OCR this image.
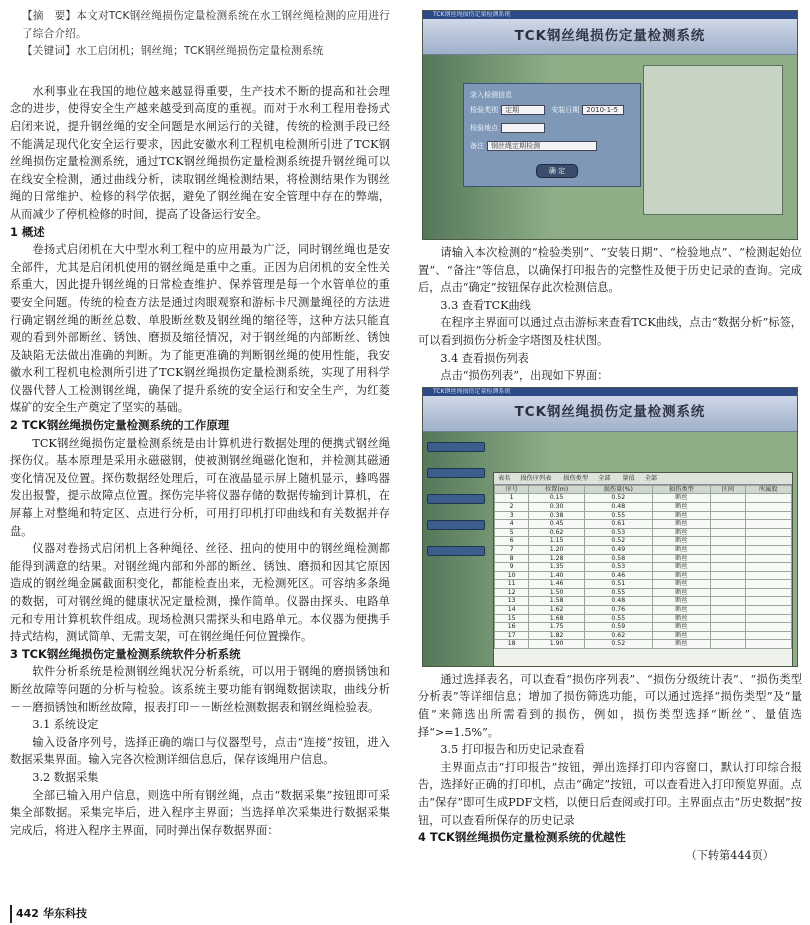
【摘　要】本文对TCK钢丝绳损伤定量检测系统在水工钢丝绳检测的应用进行了综合介绍。

【关键词】水工启闭机；钢丝绳；TCK钢丝绳损伤定量检测系统

水利事业在我国的地位越来越显得重要，生产技术不断的提高和社会理念的进步，使得安全生产越来越受到高度的重视。而对于水利工程用卷扬式启闭来说，提升钢丝绳的安全问题是水闸运行的关键，传统的检测手段已经不能满足现代化安全运行要求，因此安徽水利工程机电检测所引进了TCK钢丝绳损伤定量检测系统，通过TCK钢丝绳损伤定量检测系统提升钢丝绳可以在线安全检测，通过曲线分析，读取钢丝绳检测结果，将检测结果作为钢丝绳的日常维护、检修的科学依据，避免了钢丝绳在安全管理中存在的弊端，从而减少了停机检修的时间，提高了设备运行安全。

1 概述

卷扬式启闭机在大中型水利工程中的应用最为广泛，同时钢丝绳也是安全部件，尤其是启闭机使用的钢丝绳是重中之重。正因为启闭机的安全性关系重大，因此提升钢丝绳的日常检查维护、保养管理是每一个水管单位的重要安全问题。传统的检查方法是通过肉眼观察和游标卡尺测量绳径的方法进行确定钢丝绳的断丝总数、单股断丝数及钢丝绳的缩径等，这种方法只能直观的看到外部断丝、锈蚀、磨损及缩径情况，对于钢丝绳的内部断丝、锈蚀及缺陷无法做出准确的判断。为了能更准确的判断钢丝绳的使用性能，我安徽水利工程机电检测所引进了TCK钢丝绳损伤定量检测系统，实现了用科学仪器代替人工检测钢丝绳，确保了提升系统的安全运行和安全生产，为红菱煤矿的安全生产奠定了坚实的基础。

2 TCK钢丝绳损伤定量检测系统的工作原理

TCK钢丝绳损伤定量检测系统是由计算机进行数据处理的便携式钢丝绳探伤仪。基本原理是采用永磁磁钢，使被测钢丝绳磁化饱和，并检测其磁通变化情况及位置。探伤数据经处理后，可在液晶显示屏上随机显示，蜂鸣器发出报警，提示故障点位置。探伤完毕将仪器存储的数据传输到计算机，在屏幕上对整绳和特定区、点进行分析，可用打印机打印曲线和有关数据并存盘。

仪器对卷扬式启闭机上各种绳径、丝径、扭向的使用中的钢丝绳检测都能得到满意的结果。对钢丝绳内部和外部的断丝、锈蚀、磨损和因其它原因造成的钢丝绳金属截面积变化，都能检查出来，无检测死区。可容纳多条绳的数据，可对钢丝绳的健康状况定量检测，操作简单。仪器由探头、电路单元和专用计算机软件组成。现场检测只需探头和电路单元。本仪器为便携手持式结构，测试简单、无需支架，可在钢丝绳任何位置操作。

3 TCK钢丝绳损伤定量检测系统软件分析系统

软件分析系统是检测钢丝绳状况分析系统，可以用于钢绳的磨损锈蚀和断丝故障等问题的分析与检验。该系统主要功能有钢绳数据读取，曲线分析－－磨损锈蚀和断丝故障，报表打印－－断丝检测数据表和钢丝绳检验表。

3.1 系统设定

输入设备序列号，选择正确的端口与仪器型号，点击“连接”按钮，进入数据采集界面。输入完各次检测详细信息后，保存该绳用户信息。

3.2 数据采集

全部已输入用户信息，则选中所有钢丝绳，点击“数据采集”按钮即可采集全部数据。采集完毕后，进入程序主界面；当选择单次采集进行数据采集完成后，将进入程序主界面，同时弹出保存数据界面：

TCK钢丝绳损伤定量检测系统
TCK钢丝绳损伤定量检测系统
录入检测信息
检验类别 定期	安装日期 2010-1-5
检验地点
备注 钢丝绳定期检测
确 定

请输入本次检测的“检验类别”、“安装日期”、“检验地点”、“检测起始位置”、“备注”等信息，以确保打印报告的完整性及便于历史记录的查询。完成后，点击“确定”按钮保存此次检测信息。

3.3 查看TCK曲线

在程序主界面可以通过点击游标来查看TCK曲线，点击“数据分析”标签，可以看到损伤分析金字塔图及柱状图。

3.4 查看损伤列表

点击“损伤列表”，出现如下界面：

TCK钢丝绳损伤定量检测系统
TCK钢丝绳损伤定量检测系统
表名 损伤序列表 损伤类型 全部 量值 全部
序号	位置(m)	损伤量(%)	损伤类型	区间	所属股
1	0.15	0.52	断丝		
2	0.30	0.48	断丝		
3	0.38	0.55	断丝		
4	0.45	0.61	断丝		
5	0.62	0.53	断丝		
6	1.15	0.52	断丝		
7	1.20	0.49	断丝		
8	1.28	0.58	断丝		
9	1.35	0.53	断丝		
10	1.40	0.46	断丝		
11	1.46	0.51	断丝		
12	1.50	0.55	断丝		
13	1.58	0.48	断丝		
14	1.62	0.76	断丝		
15	1.68	0.55	断丝		
16	1.75	0.59	断丝		
17	1.82	0.62	断丝		
18	1.90	0.52	断丝		

通过选择表名，可以查看“损伤序列表”、“损伤分级统计表”、“损伤类型分析表”等详细信息；增加了损伤筛选功能，可以通过选择“损伤类型”及“量值”来筛选出所需看到的损伤，例如，损伤类型选择“断丝”、量值选择“>=1.5%”。

3.5 打印报告和历史记录查看

主界面点击“打印报告”按钮，弹出选择打印内容窗口，默认打印综合报告，选择好正确的打印机，点击“确定”按钮，可以查看进入打印预览界面。点击“保存”即可生成PDF文档，以便日后查阅或打印。主界面点击“历史数据”按钮，可以查看所保存的历史记录

4 TCK钢丝绳损伤定量检测系统的优越性

（下转第444页）

442 华东科技
